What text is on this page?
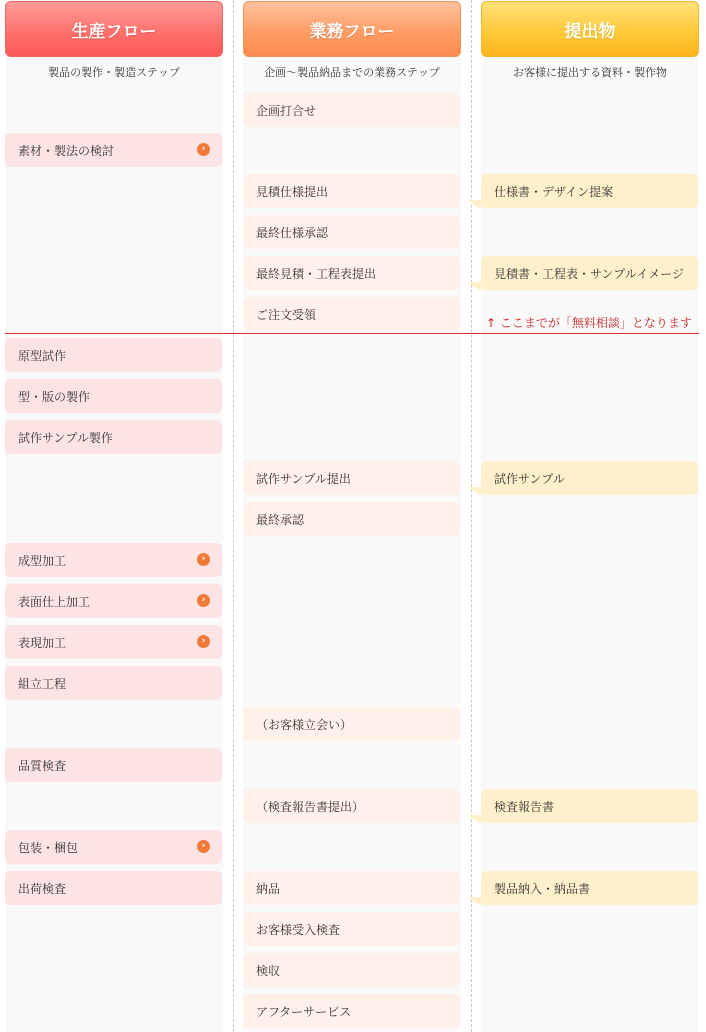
生産フロー	業務フロー	提出物
製品の製作・製造ステップ	企画〜製品納品までの業務ステップ	お客様に提出する資料・製作物
素材・製法の検討	›
原型試作
型・版の製作
試作サンプル製作
成型加工	›
表面仕上加工	›
表現加工	›
組立工程
品質検査
包装・梱包	›
出荷検査
企画打合せ
見積仕様提出
最終仕様承認
最終見積・工程表提出
ご注文受領
試作サンプル提出
最終承認
（お客様立会い）
（検査報告書提出）
納品
お客様受入検査
検収
アフターサービス
仕様書・デザイン提案
見積書・工程表・サンプルイメージ
試作サンプル
検査報告書
製品納入・納品書
↑ ここまでが「無料相談」となります
